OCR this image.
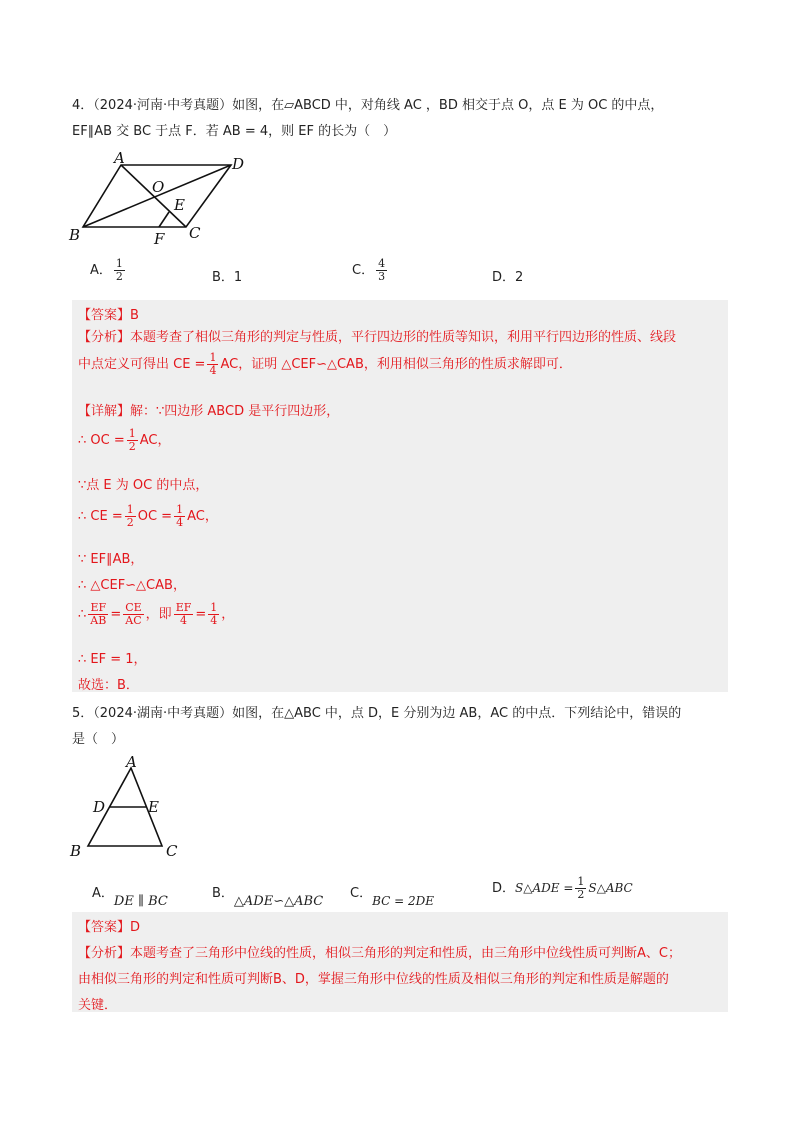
4．（2024·河南·中考真题）如图，在▱ABCD 中，对角线 AC ，BD 相交于点 O，点 E 为 OC 的中点，
EF∥AB 交 BC 于点 F．若 AB = 4，则 EF 的长为（　）
A	D
B	C
O
E
F
A． $\frac{1}{2}$	B．1	C． $\frac{4}{3}$	D．2
【答案】B
【分析】本题考查了相似三角形的判定与性质，平行四边形的性质等知识，利用平行四边形的性质、线段
中点定义可得出 CE = $\frac{1}{4}$ AC，证明 △CEF∽△CAB，利用相似三角形的性质求解即可．
【详解】解：∵四边形 ABCD 是平行四边形，
∴ OC = $\frac{1}{2}$ AC，
∵点 E 为 OC 的中点，
∴ CE = $\frac{1}{2}$ OC = $\frac{1}{4}$ AC，
∵ EF∥AB，
∴ △CEF∽△CAB，
∴ $\frac{EF}{AB} = \frac{CE}{AC}$ ，即 $\frac{EF}{4} = \frac{1}{4}$ ，
∴ EF = 1，
故选：B．
5．（2024·湖南·中考真题）如图，在△ABC 中，点 D，E 分别为边 AB，AC 的中点．下列结论中，错误的
是（　）
A
D	E
B	C
A．DE ∥ BC
B．△ADE∽△ABC
C．BC = 2DE
D．S△ADE = $\frac{1}{2}$ S△ABC
【答案】D
【分析】本题考查了三角形中位线的性质，相似三角形的判定和性质，由三角形中位线性质可判断A、C；
由相似三角形的判定和性质可判断B、D，掌握三角形中位线的性质及相似三角形的判定和性质是解题的
关键．
